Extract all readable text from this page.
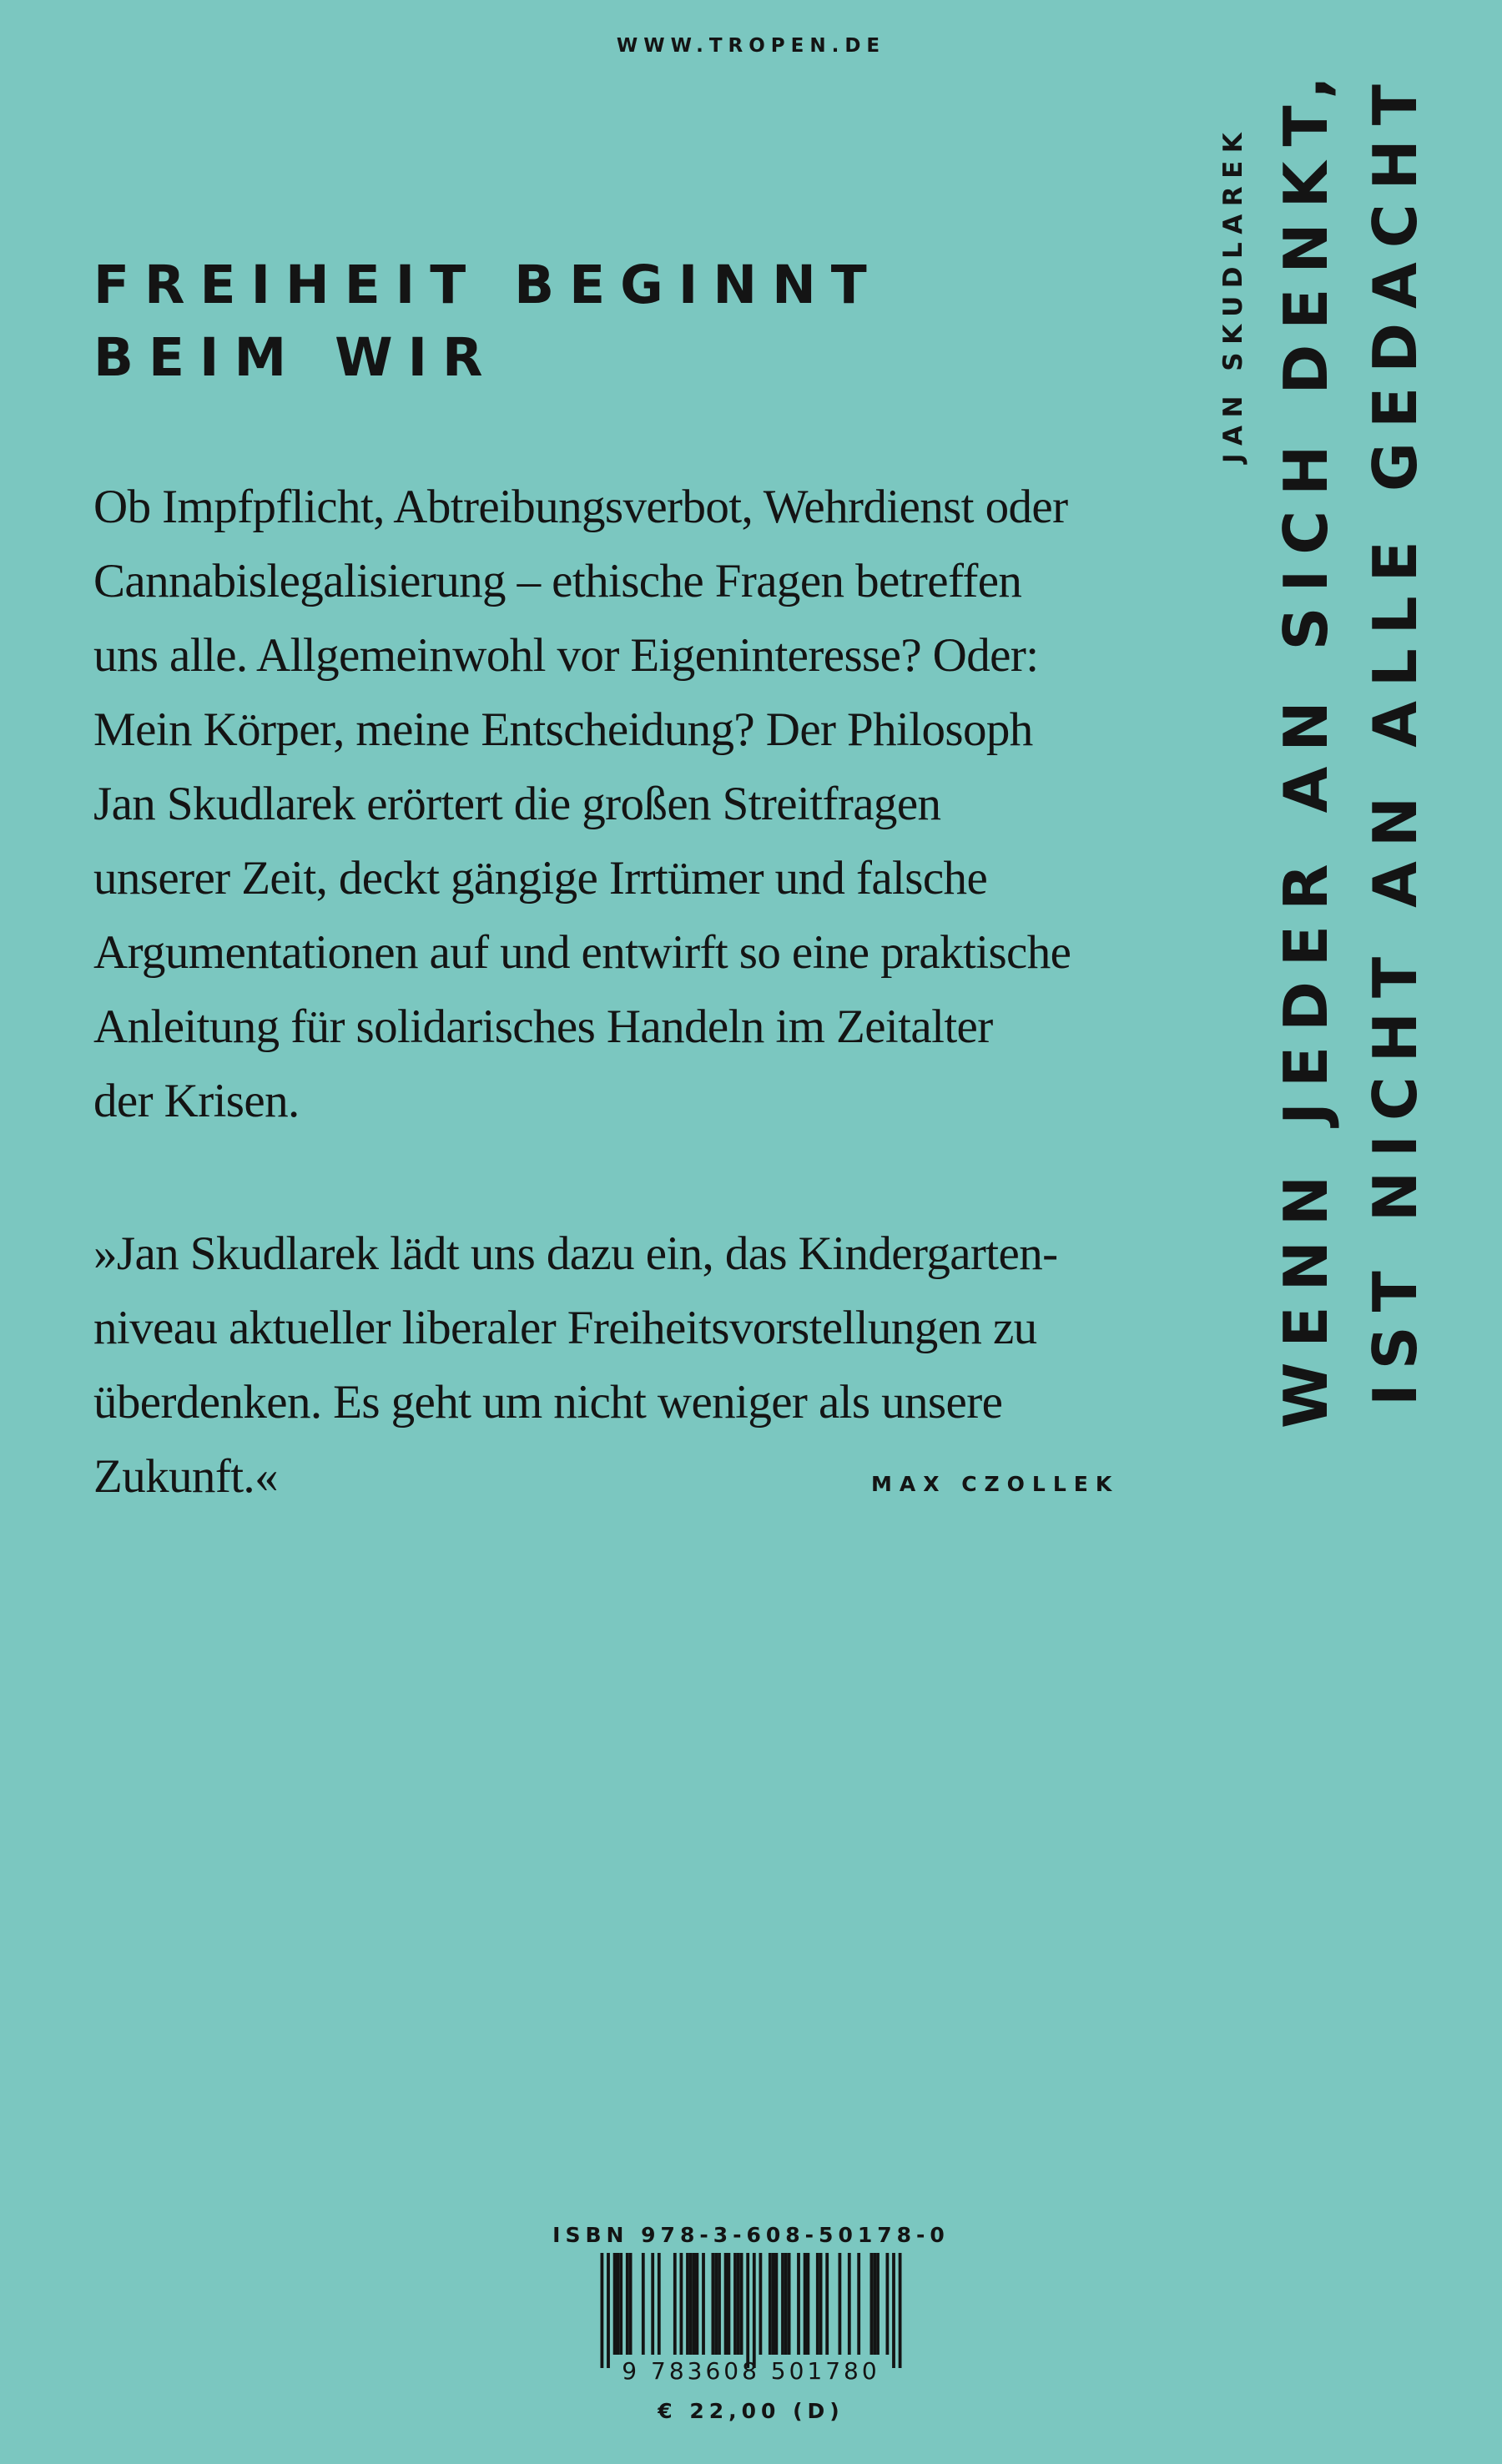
WWW.TROPEN.DE
FREIHEIT BEGINNT
BEIM WIR
Ob Impfpflicht, Abtreibungsverbot, Wehrdienst oder
Cannabislegalisierung – ethische Fragen betreffen
uns alle. Allgemeinwohl vor Eigeninteresse? Oder:
Mein Körper, meine Entscheidung? Der Philosoph
Jan Skudlarek erörtert die großen Streitfragen
unserer Zeit, deckt gängige Irrtümer und falsche
Argumentationen auf und entwirft so eine praktische
Anleitung für solidarisches Handeln im Zeitalter
der Krisen.
»Jan Skudlarek lädt uns dazu ein, das Kindergarten-
niveau aktueller liberaler Freiheitsvorstellungen zu
überdenken. Es geht um nicht weniger als unsere
Zukunft.«	MAX CZOLLEK
JAN SKUDLAREK WENN JEDER AN SICH DENKT, IST NICHT AN ALLE GEDACHT
ISBN 978-3-608-50178-0
9 783608 501780
€ 22,00 (D)
